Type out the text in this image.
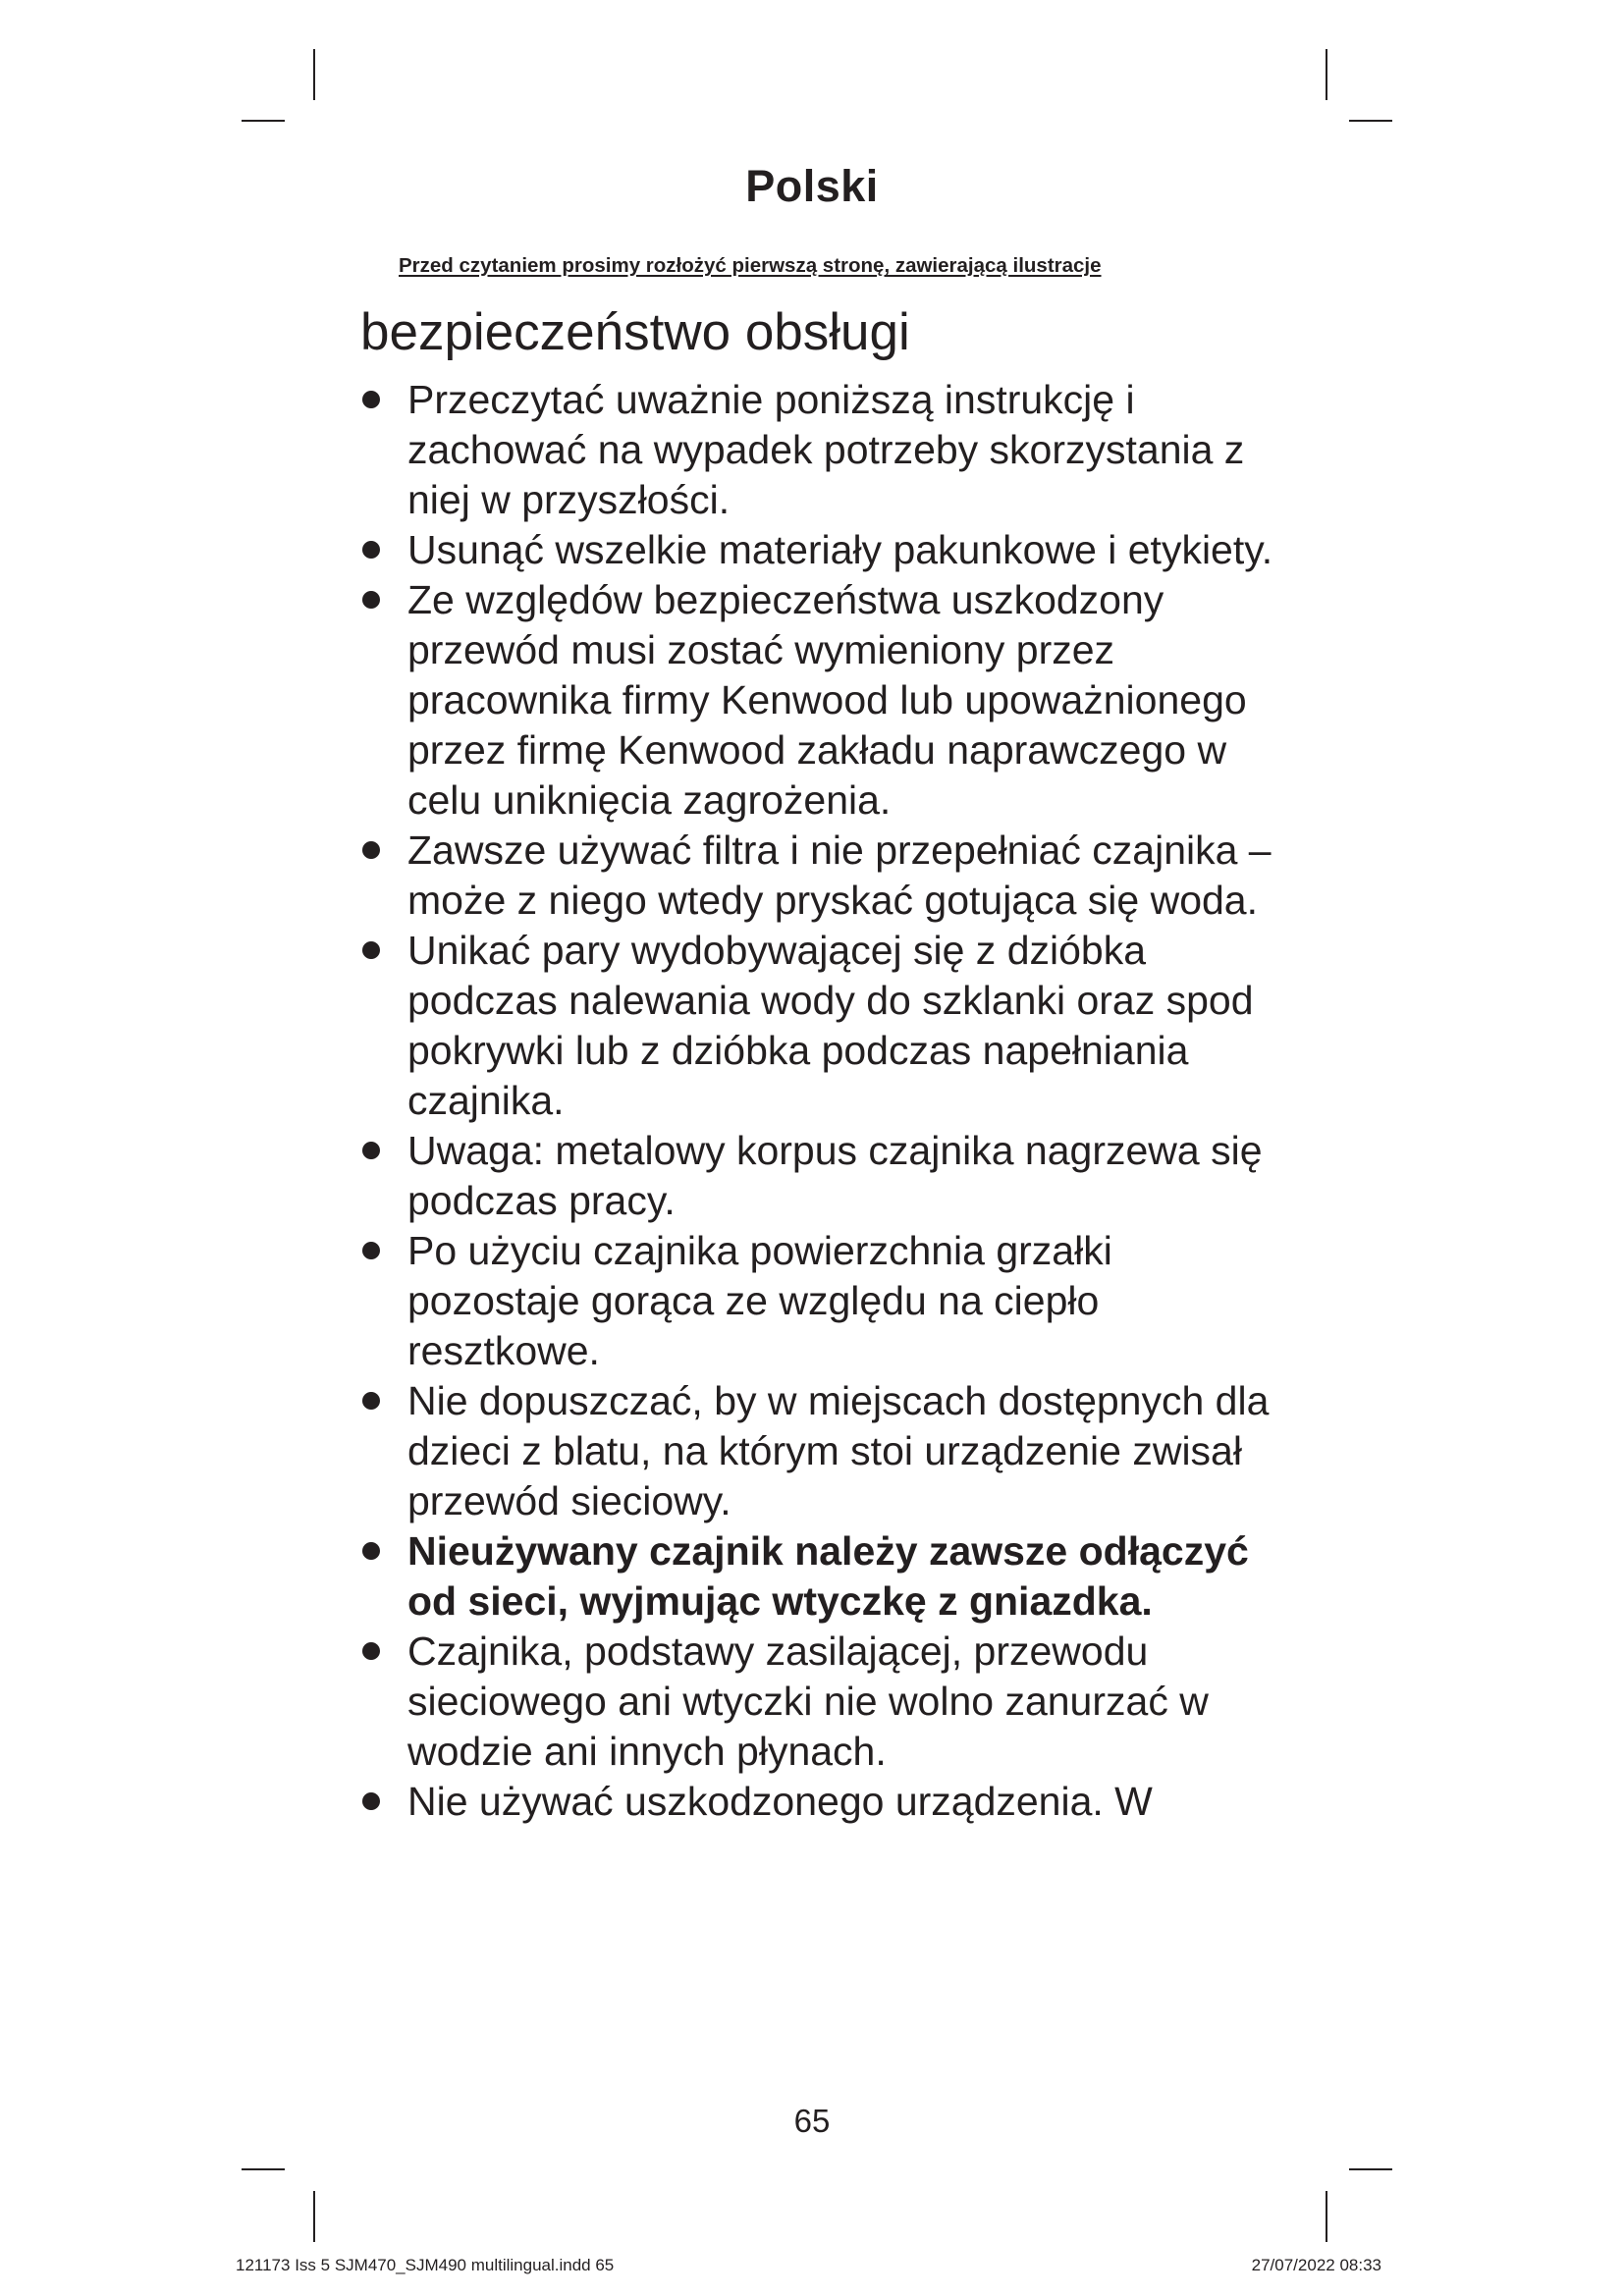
Polski

Przed czytaniem prosimy rozłożyć pierwszą stronę, zawierającą ilustracje

bezpieczeństwo obsługi
Przeczytać uważnie poniższą instrukcję i zachować na wypadek potrzeby skorzystania z niej w przyszłości.
Usunąć wszelkie materiały pakunkowe i etykiety.
Ze względów bezpieczeństwa uszkodzony przewód musi zostać wymieniony przez pracownika firmy Kenwood lub upoważnionego przez firmę Kenwood zakładu naprawczego w celu uniknięcia zagrożenia.
Zawsze używać filtra i nie przepełniać czajnika – może z niego wtedy pryskać gotująca się woda.
Unikać pary wydobywającej się z dzióbka podczas nalewania wody do szklanki oraz spod pokrywki lub z dzióbka podczas napełniania czajnika.
Uwaga: metalowy korpus czajnika nagrzewa się podczas pracy.
Po użyciu czajnika powierzchnia grzałki pozostaje gorąca ze względu na ciepło resztkowe.
Nie dopuszczać, by w miejscach dostępnych dla dzieci z blatu, na którym stoi urządzenie zwisał przewód sieciowy.
Nieużywany czajnik należy zawsze odłączyć od sieci, wyjmując wtyczkę z gniazdka.
Czajnika, podstawy zasilającej, przewodu sieciowego ani wtyczki nie wolno zanurzać w wodzie ani innych płynach.
Nie używać uszkodzonego urządzenia. W
65
121173 Iss 5 SJM470_SJM490 multilingual.indd 65	27/07/2022 08:33
